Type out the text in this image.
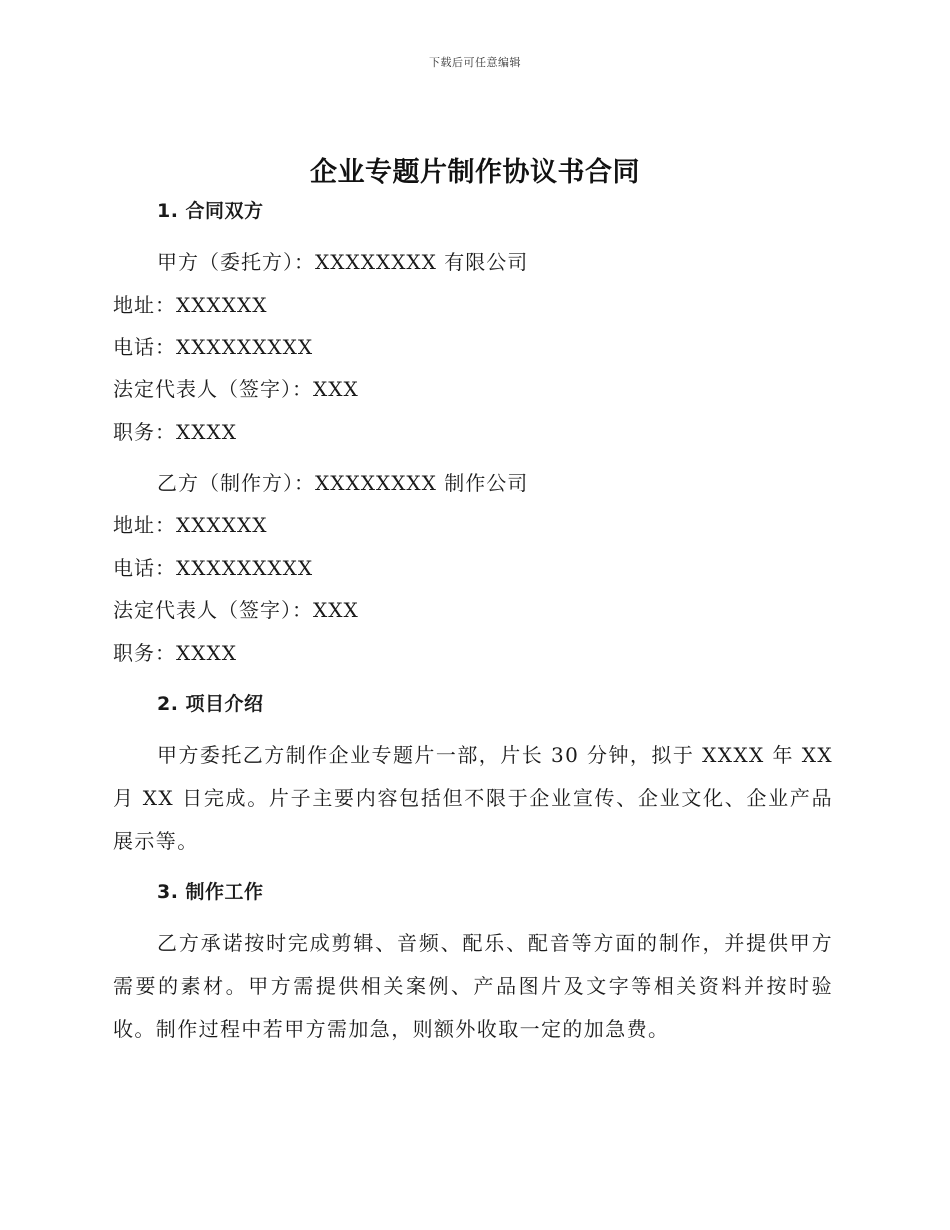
下载后可任意编辑
企业专题片制作协议书合同
1. 合同双方
甲方（委托方）：XXXXXXXX 有限公司
地址：XXXXXX
电话：XXXXXXXXX
法定代表人（签字）：XXX
职务：XXXX
乙方（制作方）：XXXXXXXX 制作公司
地址：XXXXXX
电话：XXXXXXXXX
法定代表人（签字）：XXX
职务：XXXX
2. 项目介绍
甲方委托乙方制作企业专题片一部，片长 30 分钟，拟于 XXXX 年 XX 月 XX 日完成。片子主要内容包括但不限于企业宣传、企业文化、企业产品展示等。
3. 制作工作
乙方承诺按时完成剪辑、音频、配乐、配音等方面的制作，并提供甲方需要的素材。甲方需提供相关案例、产品图片及文字等相关资料并按时验收。制作过程中若甲方需加急，则额外收取一定的加急费。
